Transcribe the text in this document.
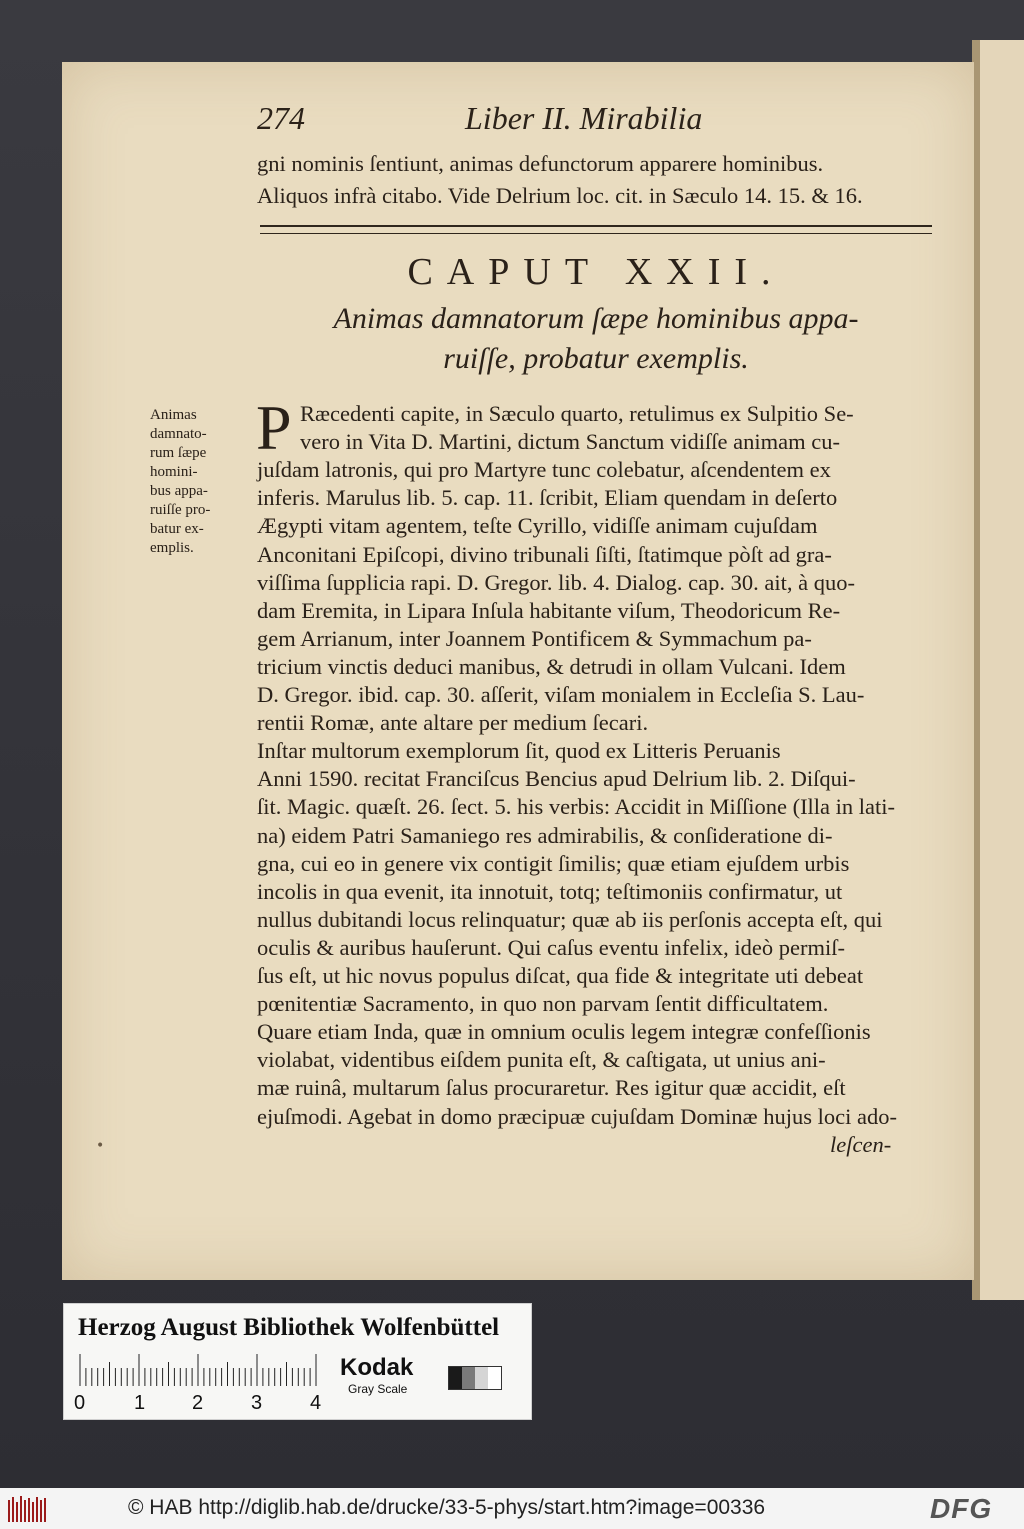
274	Liber II. Mirabilia
gni nominis ſentiunt, animas defunctorum apparere hominibus.
Aliquos infrà citabo. Vide Delrium loc. cit. in Sæculo 14. 15. & 16.
CAPUT XXII.
Animas damnatorum ſæpe hominibus appa-
ruiſſe, probatur exemplis.
Animas
damnato-
rum ſæpe
homini-
bus appa-
ruiſſe pro-
batur ex-
emplis.
P Ræcedenti capite, in Sæculo quarto, retulimus ex Sulpitio Se-
vero in Vita D. Martini, dictum Sanctum vidiſſe animam cu-
juſdam latronis, qui pro Martyre tunc colebatur, aſcendentem ex
inferis. Marulus lib. 5. cap. 11. ſcribit, Eliam quendam in deſerto
Ægypti vitam agentem, teſte Cyrillo, vidiſſe animam cujuſdam
Anconitani Epiſcopi, divino tribunali ſiſti, ſtatimque pòſt ad gra-
viſſima ſupplicia rapi. D. Gregor. lib. 4. Dialog. cap. 30. ait, à quo-
dam Eremita, in Lipara Inſula habitante viſum, Theodoricum Re-
gem Arrianum, inter Joannem Pontificem & Symmachum pa-
tricium vinctis deduci manibus, & detrudi in ollam Vulcani. Idem
D. Gregor. ibid. cap. 30. aſſerit, viſam monialem in Eccleſia S. Lau-
rentii Romæ, ante altare per medium ſecari.
Inſtar multorum exemplorum ſit, quod ex Litteris Peruanis
Anni 1590. recitat Franciſcus Bencius apud Delrium lib. 2. Diſqui-
ſit. Magic. quæſt. 26. ſect. 5. his verbis: Accidit in Miſſione (Illa in lati-
na) eidem Patri Samaniego res admirabilis, & conſideratione di-
gna, cui eo in genere vix contigit ſimilis; quæ etiam ejuſdem urbis
incolis in qua evenit, ita innotuit, totq; teſtimoniis confirmatur, ut
nullus dubitandi locus relinquatur; quæ ab iis perſonis accepta eſt, qui
oculis & auribus hauſerunt. Qui caſus eventu infelix, ideò permiſ-
ſus eſt, ut hic novus populus diſcat, qua fide & integritate uti debeat
pœnitentiæ Sacramento, in quo non parvam ſentit difficultatem.
Quare etiam Inda, quæ in omnium oculis legem integræ confeſſionis
violabat, videntibus eiſdem punita eſt, & caſtigata, ut unius ani-
mæ ruinâ, multarum ſalus procuraretur. Res igitur quæ accidit, eſt
ejuſmodi. Agebat in domo præcipuæ cujuſdam Dominæ hujus loci ado-
leſcen-
•
Herzog August Bibliothek Wolfenbüttel
0 1 2 3 4
Kodak
Gray Scale
© HAB http://diglib.hab.de/drucke/33-5-phys/start.htm?image=00336	DFG
